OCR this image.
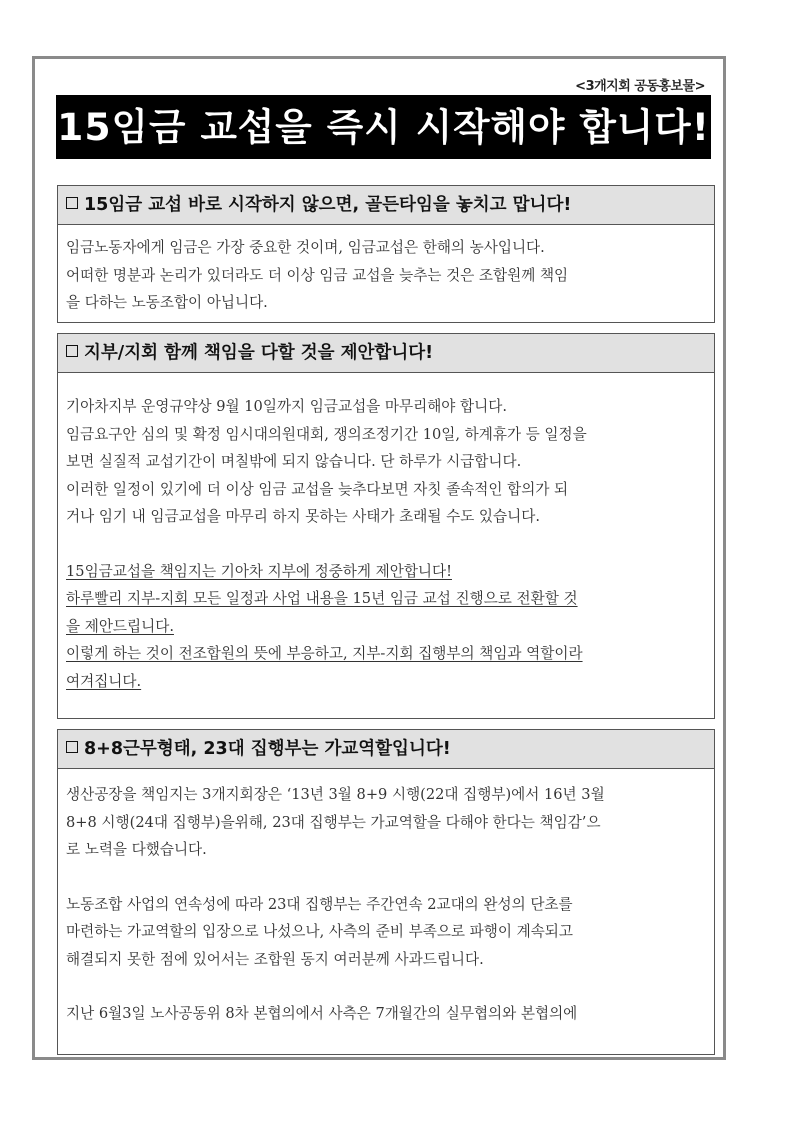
<3개지회 공동홍보물>
15임금 교섭을 즉시 시작해야 합니다!
15임금 교섭 바로 시작하지 않으면, 골든타임을 놓치고 맙니다!
임금노동자에게 임금은 가장 중요한 것이며, 임금교섭은 한해의 농사입니다.
어떠한 명분과 논리가 있더라도 더 이상 임금 교섭을 늦추는 것은 조합원께 책임
을 다하는 노동조합이 아닙니다.
지부/지회 함께 책임을 다할 것을 제안합니다!
기아차지부 운영규약상 9월 10일까지 임금교섭을 마무리해야 합니다.
임금요구안 심의 및 확정 임시대의원대회, 쟁의조정기간 10일, 하계휴가 등 일정을
보면 실질적 교섭기간이 며칠밖에 되지 않습니다. 단 하루가 시급합니다.
이러한 일정이 있기에 더 이상 임금 교섭을 늦추다보면 자칫 졸속적인 합의가 되
거나 임기 내 임금교섭을 마무리 하지 못하는 사태가 초래될 수도 있습니다.
15임금교섭을 책임지는 기아차 지부에 정중하게 제안합니다!
하루빨리 지부-지회 모든 일정과 사업 내용을 15년 임금 교섭 진행으로 전환할 것
을 제안드립니다.
이렇게 하는 것이 전조합원의 뜻에 부응하고, 지부-지회 집행부의 책임과 역할이라
여겨집니다.
8+8근무형태, 23대 집행부는 가교역할입니다!
생산공장을 책임지는 3개지회장은 ‘13년 3월 8+9 시행(22대 집행부)에서 16년 3월
8+8 시행(24대 집행부)을위해, 23대 집행부는 가교역할을 다해야 한다는 책임감’으
로 노력을 다했습니다.
노동조합 사업의 연속성에 따라 23대 집행부는 주간연속 2교대의 완성의 단초를
마련하는 가교역할의 입장으로 나섰으나, 사측의 준비 부족으로 파행이 계속되고
해결되지 못한 점에 있어서는 조합원 동지 여러분께 사과드립니다.
지난 6월3일 노사공동위 8차 본협의에서 사측은 7개월간의 실무협의와 본협의에
